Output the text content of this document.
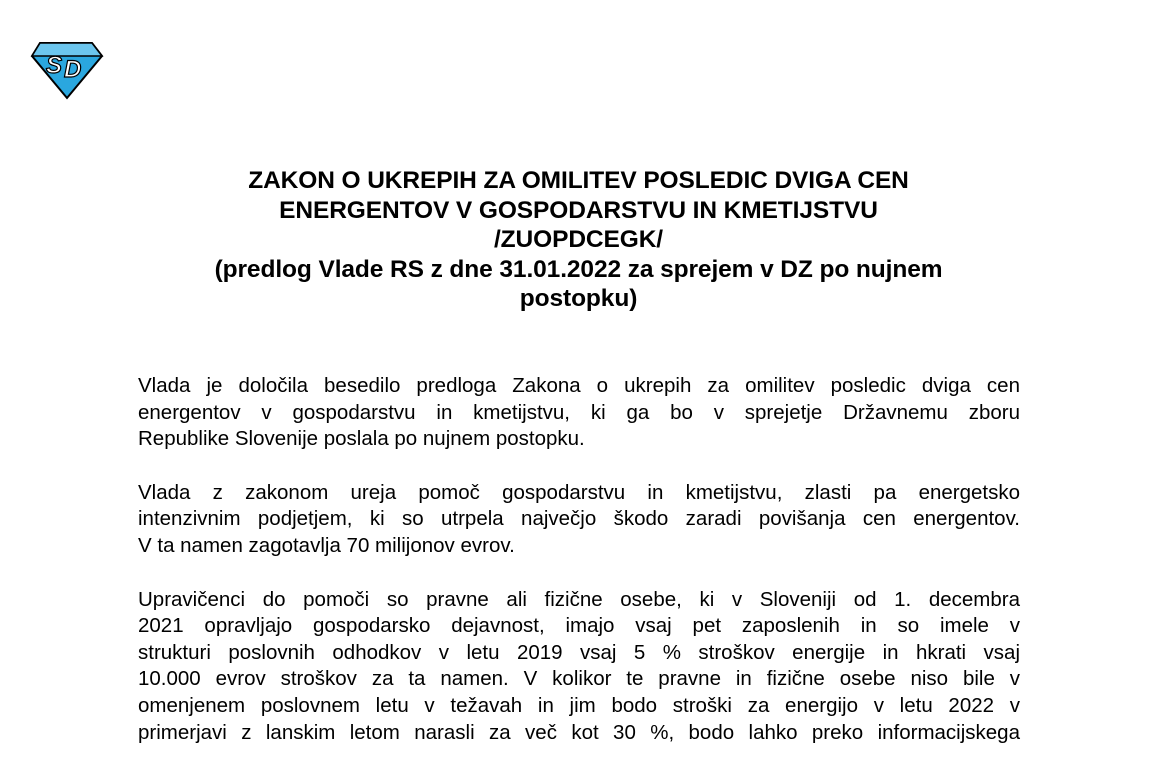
S D
ZAKON O UKREPIH ZA OMILITEV POSLEDIC DVIGA CEN
ENERGENTOV V GOSPODARSTVU IN KMETIJSTVU
/ZUOPDCEGK/
(predlog Vlade RS z dne 31.01.2022 za sprejem v DZ po nujnem
postopku)

Vlada je določila besedilo predloga Zakona o ukrepih za omilitev posledic dviga cen
energentov v gospodarstvu in kmetijstvu, ki ga bo v sprejetje Državnemu zboru
Republike Slovenije poslala po nujnem postopku.

Vlada z zakonom ureja pomoč gospodarstvu in kmetijstvu, zlasti pa energetsko
intenzivnim podjetjem, ki so utrpela največjo škodo zaradi povišanja cen energentov.
V ta namen zagotavlja 70 milijonov evrov.

Upravičenci do pomoči so pravne ali fizične osebe, ki v Sloveniji od 1. decembra
2021 opravljajo gospodarsko dejavnost, imajo vsaj pet zaposlenih in so imele v
strukturi poslovnih odhodkov v letu 2019 vsaj 5 % stroškov energije in hkrati vsaj
10.000 evrov stroškov za ta namen. V kolikor te pravne in fizične osebe niso bile v
omenjenem poslovnem letu v težavah in jim bodo stroški za energijo v letu 2022 v
primerjavi z lanskim letom narasli za več kot 30 %, bodo lahko preko informacijskega
